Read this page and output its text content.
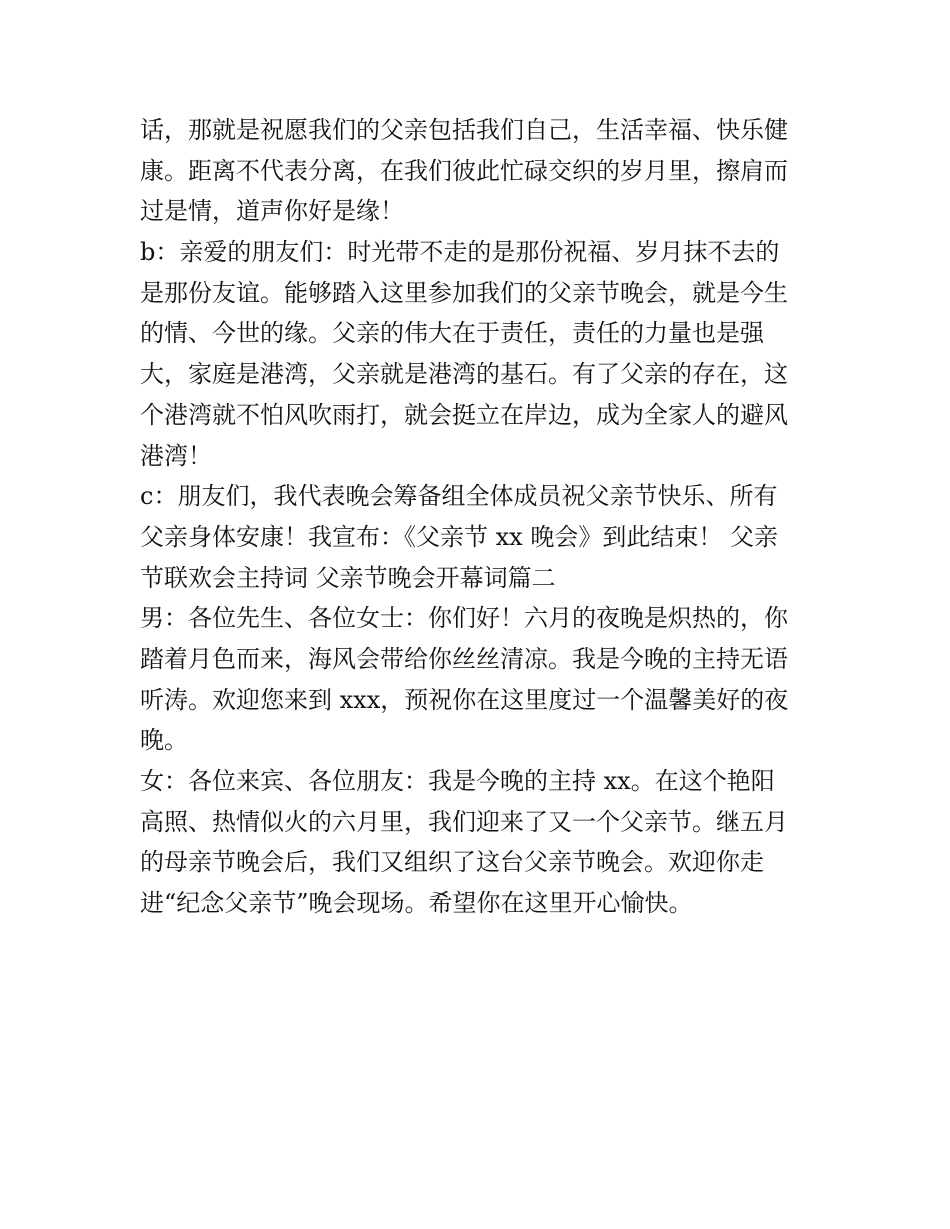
话，那就是祝愿我们的父亲包括我们自己，生活幸福、快乐健
康。距离不代表分离，在我们彼此忙碌交织的岁月里，擦肩而
过是情，道声你好是缘！
b：亲爱的朋友们：时光带不走的是那份祝福、岁月抹不去的
是那份友谊。能够踏入这里参加我们的父亲节晚会，就是今生
的情、今世的缘。父亲的伟大在于责任，责任的力量也是强
大，家庭是港湾，父亲就是港湾的基石。有了父亲的存在，这
个港湾就不怕风吹雨打，就会挺立在岸边，成为全家人的避风
港湾！
c：朋友们，我代表晚会筹备组全体成员祝父亲节快乐、所有
父亲身体安康！我宣布：《父亲节 xx 晚会》到此结束！ 父亲
节联欢会主持词 父亲节晚会开幕词篇二
男：各位先生、各位女士：你们好！六月的夜晚是炽热的，你
踏着月色而来，海风会带给你丝丝清凉。我是今晚的主持无语
听涛。欢迎您来到 xxx，预祝你在这里度过一个温馨美好的夜
晚。
女：各位来宾、各位朋友：我是今晚的主持 xx。在这个艳阳
高照、热情似火的六月里，我们迎来了又一个父亲节。继五月
的母亲节晚会后，我们又组织了这台父亲节晚会。欢迎你走
进“纪念父亲节”晚会现场。希望你在这里开心愉快。
